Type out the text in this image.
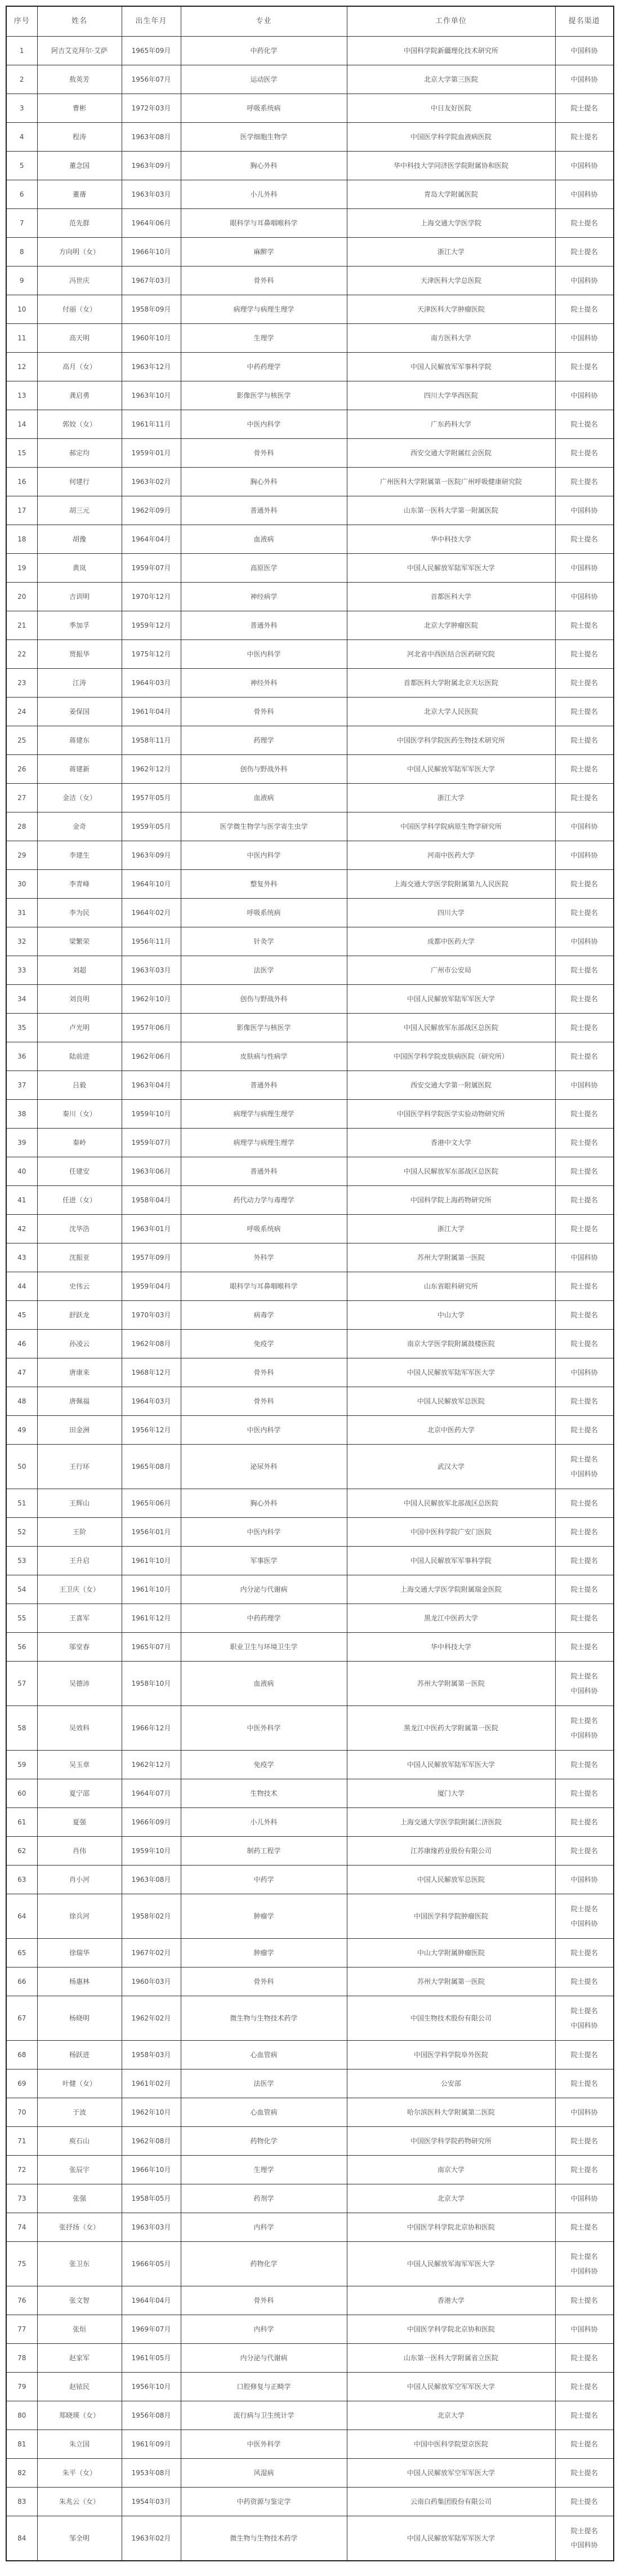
序号	姓名	出生年月	专业	工作单位	提名渠道
1	阿吉艾克拜尔·艾萨	1965年09月	中药化学	中国科学院新疆理化技术研究所	中国科协

2	敖英芳	1956年07月	运动医学	北京大学第三医院	中国科协

3	曹彬	1972年03月	呼吸系统病	中日友好医院	院士提名

4	程涛	1963年08月	医学细胞生物学	中国医学科学院血液病医院	院士提名

5	董念国	1963年09月	胸心外科	华中科技大学同济医学院附属协和医院	中国科协

6	董蒨	1963年03月	小儿外科	青岛大学附属医院	中国科协

7	范先群	1964年06月	眼科学与耳鼻咽喉科学	上海交通大学医学院	院士提名

8	方向明（女）	1966年10月	麻醉学	浙江大学	院士提名

9	冯世庆	1967年03月	骨外科	天津医科大学总医院	中国科协

10	付丽（女）	1958年09月	病理学与病理生理学	天津医科大学肿瘤医院	院士提名

11	高天明	1960年10月	生理学	南方医科大学	中国科协

12	高月（女）	1963年12月	中药药理学	中国人民解放军军事科学院	院士提名

13	龚启勇	1963年10月	影像医学与核医学	四川大学华西医院	中国科协

14	郭姣（女）	1961年11月	中医内科学	广东药科大学	院士提名

15	郝定均	1959年01月	骨外科	西安交通大学附属红会医院	院士提名

16	何建行	1963年02月	胸心外科	广州医科大学附属第一医院广州呼吸健康研究院	院士提名

17	胡三元	1962年09月	普通外科	山东第一医科大学第一附属医院	中国科协

18	胡豫	1964年04月	血液病	华中科技大学	院士提名

19	黄岚	1959年07月	高原医学	中国人民解放军陆军军医大学	中国科协

20	吉训明	1970年12月	神经病学	首都医科大学	中国科协

21	季加孚	1959年12月	普通外科	北京大学肿瘤医院	院士提名

22	贾振华	1975年12月	中医内科学	河北省中西医结合医药研究院	院士提名

23	江涛	1964年03月	神经外科	首都医科大学附属北京天坛医院	院士提名

24	姜保国	1961年04月	骨外科	北京大学人民医院	院士提名

25	蒋建东	1958年11月	药理学	中国医学科学院医药生物技术研究所	院士提名

26	蒋建新	1962年12月	创伤与野战外科	中国人民解放军陆军军医大学	院士提名

27	金洁（女）	1957年05月	血液病	浙江大学	院士提名

28	金奇	1959年05月	医学微生物学与医学寄生虫学	中国医学科学院病原生物学研究所	中国科协

29	李建生	1963年09月	中医内科学	河南中医药大学	中国科协

30	李青峰	1964年10月	整复外科	上海交通大学医学院附属第九人民医院	院士提名

31	李为民	1964年02月	呼吸系统病	四川大学	院士提名

32	梁繁荣	1956年11月	针灸学	成都中医药大学	中国科协

33	刘超	1963年03月	法医学	广州市公安局	院士提名

34	刘良明	1962年10月	创伤与野战外科	中国人民解放军陆军军医大学	院士提名

35	卢光明	1957年06月	影像医学与核医学	中国人民解放军东部战区总医院	院士提名

36	陆前进	1962年06月	皮肤病与性病学	中国医学科学院皮肤病医院（研究所）	院士提名

37	吕毅	1963年04月	普通外科	西安交通大学第一附属医院	中国科协

38	秦川（女）	1959年10月	病理学与病理生理学	中国医学科学院医学实验动物研究所	院士提名

39	秦岭	1959年07月	病理学与病理生理学	香港中文大学	院士提名

40	任建安	1963年06月	普通外科	中国人民解放军东部战区总医院	院士提名

41	任进（女）	1958年04月	药代动力学与毒理学	中国科学院上海药物研究所	院士提名

42	沈华浩	1963年01月	呼吸系统病	浙江大学	院士提名

43	沈振亚	1957年09月	外科学	苏州大学附属第一医院	中国科协

44	史伟云	1959年04月	眼科学与耳鼻咽喉科学	山东省眼科研究所	院士提名

45	舒跃龙	1970年03月	病毒学	中山大学	院士提名

46	孙凌云	1962年08月	免疫学	南京大学医学院附属鼓楼医院	院士提名

47	唐康来	1968年12月	骨外科	中国人民解放军陆军军医大学	中国科协

48	唐佩福	1964年03月	骨外科	中国人民解放军总医院	院士提名

49	田金洲	1956年12月	中医内科学	北京中医药大学	院士提名

50	王行环	1965年08月	泌尿外科	武汉大学	院士提名
中国科协

51	王辉山	1965年06月	胸心外科	中国人民解放军北部战区总医院	院士提名

52	王阶	1956年01月	中医内科学	中国中医科学院广安门医院	院士提名

53	王升启	1961年10月	军事医学	中国人民解放军军事科学院	院士提名

54	王卫庆（女）	1961年10月	内分泌与代谢病	上海交通大学医学院附属瑞金医院	院士提名

55	王喜军	1961年12月	中药药理学	黑龙江中医药大学	院士提名

56	邬堂春	1965年07月	职业卫生与环境卫生学	华中科技大学	院士提名

57	吴德沛	1958年10月	血液病	苏州大学附属第一医院	院士提名
中国科协

58	吴效科	1966年12月	中医外科学	黑龙江中医药大学附属第一医院	院士提名
中国科协

59	吴玉章	1962年12月	免疫学	中国人民解放军陆军军医大学	院士提名

60	夏宁邵	1964年07月	生物技术	厦门大学	院士提名

61	夏强	1966年09月	小儿外科	上海交通大学医学院附属仁济医院	院士提名

62	肖伟	1959年10月	制药工程学	江苏康缘药业股份有限公司	院士提名

63	肖小河	1963年08月	中药学	中国人民解放军总医院	中国科协

64	徐兵河	1958年02月	肿瘤学	中国医学科学院肿瘤医院	院士提名
中国科协

65	徐瑞华	1967年02月	肿瘤学	中山大学附属肿瘤医院	院士提名

66	杨惠林	1960年03月	骨外科	苏州大学附属第一医院	院士提名

67	杨晓明	1962年02月	微生物与生物技术药学	中国生物技术股份有限公司	院士提名
中国科协

68	杨跃进	1958年03月	心血管病	中国医学科学院阜外医院	院士提名

69	叶健（女）	1961年02月	法医学	公安部	院士提名

70	于波	1962年10月	心血管病	哈尔滨医科大学附属第二医院	中国科协

71	庾石山	1962年08月	药物化学	中国医学科学院药物研究所	院士提名

72	张辰宇	1966年10月	生理学	南京大学	院士提名

73	张强	1958年05月	药剂学	北京大学	中国科协

74	张抒扬（女）	1963年03月	内科学	中国医学科学院北京协和医院	院士提名

75	张卫东	1966年05月	药物化学	中国人民解放军海军军医大学	院士提名
中国科协

76	张文智	1964年04月	骨外科	香港大学	院士提名

77	张烜	1969年07月	内科学	中国医学科学院北京协和医院	中国科协

78	赵家军	1961年05月	内分泌与代谢病	山东第一医科大学附属省立医院	院士提名

79	赵铱民	1956年10月	口腔修复与正畸学	中国人民解放军空军军医大学	院士提名

80	郑晓瑛（女）	1956年08月	流行病与卫生统计学	北京大学	院士提名

81	朱立国	1961年09月	中医外科学	中国中医科学院望京医院	院士提名

82	朱平（女）	1953年08月	风湿病	中国人民解放军空军军医大学	院士提名

83	朱兆云（女）	1954年03月	中药资源与鉴定学	云南白药集团股份有限公司	院士提名

84	邹全明	1963年02月	微生物与生物技术药学	中国人民解放军陆军军医大学	院士提名
中国科协
